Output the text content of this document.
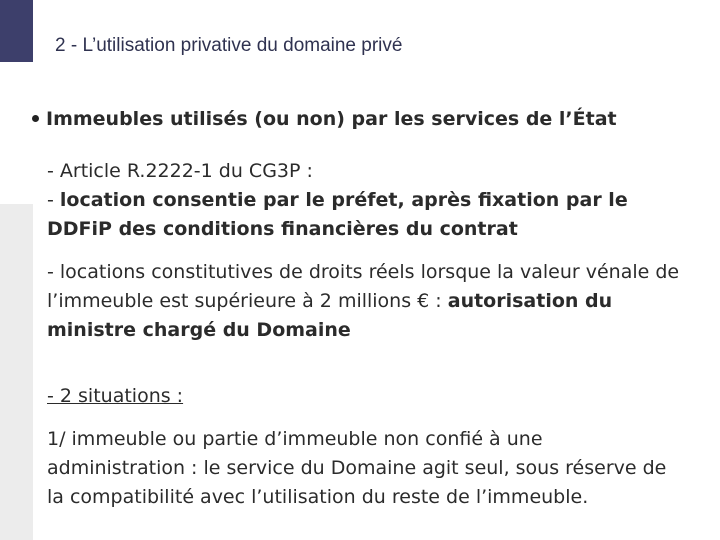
2 - L’utilisation privative du domaine privé
Immeubles utilisés (ou non) par les services de l’État
- Article R.2222-1 du CG3P :
- location consentie par le préfet, après fixation par le
DDFiP des conditions financières du contrat
- locations constitutives de droits réels lorsque la valeur vénale de
l’immeuble est supérieure à 2 millions € : autorisation du
ministre chargé du Domaine
- 2 situations :
1/ immeuble ou partie d’immeuble non confié à une
administration : le service du Domaine agit seul, sous réserve de
la compatibilité avec l’utilisation du reste de l’immeuble.
